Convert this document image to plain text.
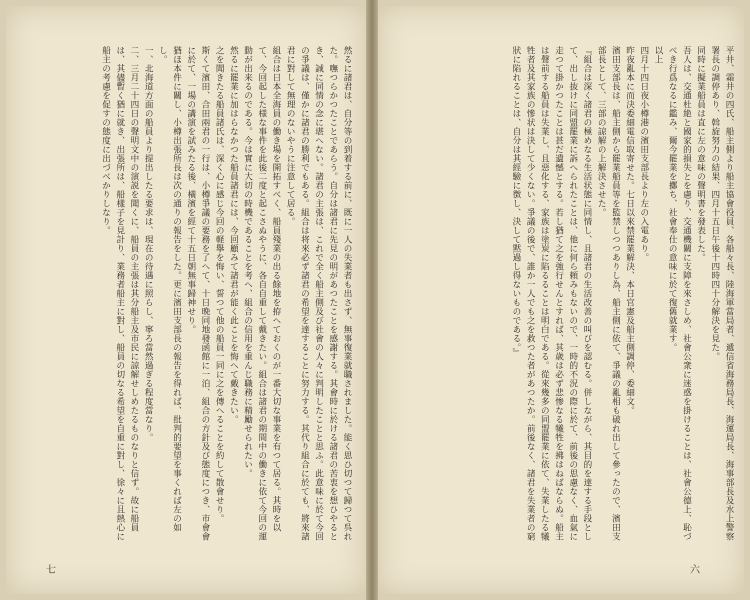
然るに諸君は、自分等の到着する前に、既に一人の失業者も出さず、無事復業就職されました。能く思ひ切つて歸つて呉れた。嘸つらかつたことであらう。自分は諸君に先見の明があつたことを感謝する。其會時に於ける諸君の苦衷を想ひやるとき、誠に同情の念に堪へない。諸君の主張は、これで全く船主側及び社會の人々に判明したことと思ふ。此意味に於て今回の爭議は、僅かに諸君の勝利でもある。組合は将來必ず諸君の希望を達することに努力する。其代り組合に於ても、將來諸君に對して無理のないやうに注意して居る。

組合は日本全海員の働き場を開拓すべく、船員殘業の出る餘地を拵へておくのが一番大切な事業を有つて居る。其時を以て、今回起した様な事件を此後二度と起こさぬやうに、各自自重して戴きたい。組合は諸君の期間中の働きに依て今回の運動が出来るのである。今は實に大切の時機であることを考へ、組合の信用を重んじ職務に精勵せられたい。

然るに罷業に加はらなかつた船員諸君には、今回顧みて諸君が能く此ことを悔へて戴きたい。

之を聞きたる船員諸氏は、深く心に感じ今回の軽擧を悔い、誓つて他の船員一同に之を傳へることを約して散會せり。

斯くて濱田、合田兩君の一行は、小樽爭議の要務を了へて、十日晩同地發函館に一泊、組合の方針及び態度につき、市會會に於て、一場の講演を試みたる後、橫濱を經て十五日朝無事歸神せり。

猶ほ本件に關し、小樽出張所長は次の通りの報告をした。更に濱田支部長の報告を得れば、批判的要望を事くれば左の如し。

一、北海道方面の船員より提出したる要求は、現在の待遇に照らし、寧ろ當然過ぎる程度當なり。

二、三月二十四日の聲明文中の演説を聞くに、船員の主張は其分船主及市民に諒解せしめたるものなりと信ず。故に船員は、其儘暫く猶に就き、出張所は、船樣子を見計り、業務者船主に對し、船員の切なる希望を自重に對し、徐々に且熱心に船主の考慮を促すの態度に出づべかりしなり。

七

平井、霜井の四氏、船主側より船主協會役員、各船々長、陸海軍當局者、遞信省海務局長、海運局長、海事部長及水上警察署長の調停あり、斡旋努力の結果、四月十五日午後十四時四十分解決を見た。

同時に擬業船員は直に左の意味の聲明書を發表した。

吾人は、交通杜絶と國家的損失とを慮り、交通機關に支障を來さしめ、社會公衆に迷惑を掛けることは、社會公德上、恥づべき行爲なるに鑑み、爾今罷業を擲ち、社會奉仕の意味に於て復舊就業す。

以上

四月十四日夜小樽港の濱田支部長より左の入電あり。

昨夜亂本に而決委細電信取寄せた。七日以來禁罷業解決、本日官憲及船主側調停、委細文。

濱田支部長は、船主側から罷業船員等を監禁しつつありし為、船主側に依て、爭議の亂相も破れ出して參ったので、濱田支部長として、三部の諒解の上解決させた。

『組合は深く諸君の極めなる生活状態に同情し、且諸君の生活改善の叫びを認むる。併しながら、其目的を達する手段として、出し抜けに同盟罷業に訴へられたことは、他に何ら頼みもないので、一時的不況の際に於て、前後の思慮なく、血氣に走つて掛かつたことは甚だ遺憾とする。若し猶て之を強行せんとすれば、其歳は必ず悲惨なる犧牲を拂はねばならぬ。船主は聲前する船員は失業し、且惡化する、家族は塗炭に陷るることは明白である。從來幾多の同盟罷業に依て、失業したる犧牲者及其家族の慘状は決して少くない。爭議の後で、誰か一人でも之を救つた者があつたか。前後なく、諸君を失業者の窮狀に陷れることは、自分は其經驗に徴し、決して黙過し得ないものである。』

六
